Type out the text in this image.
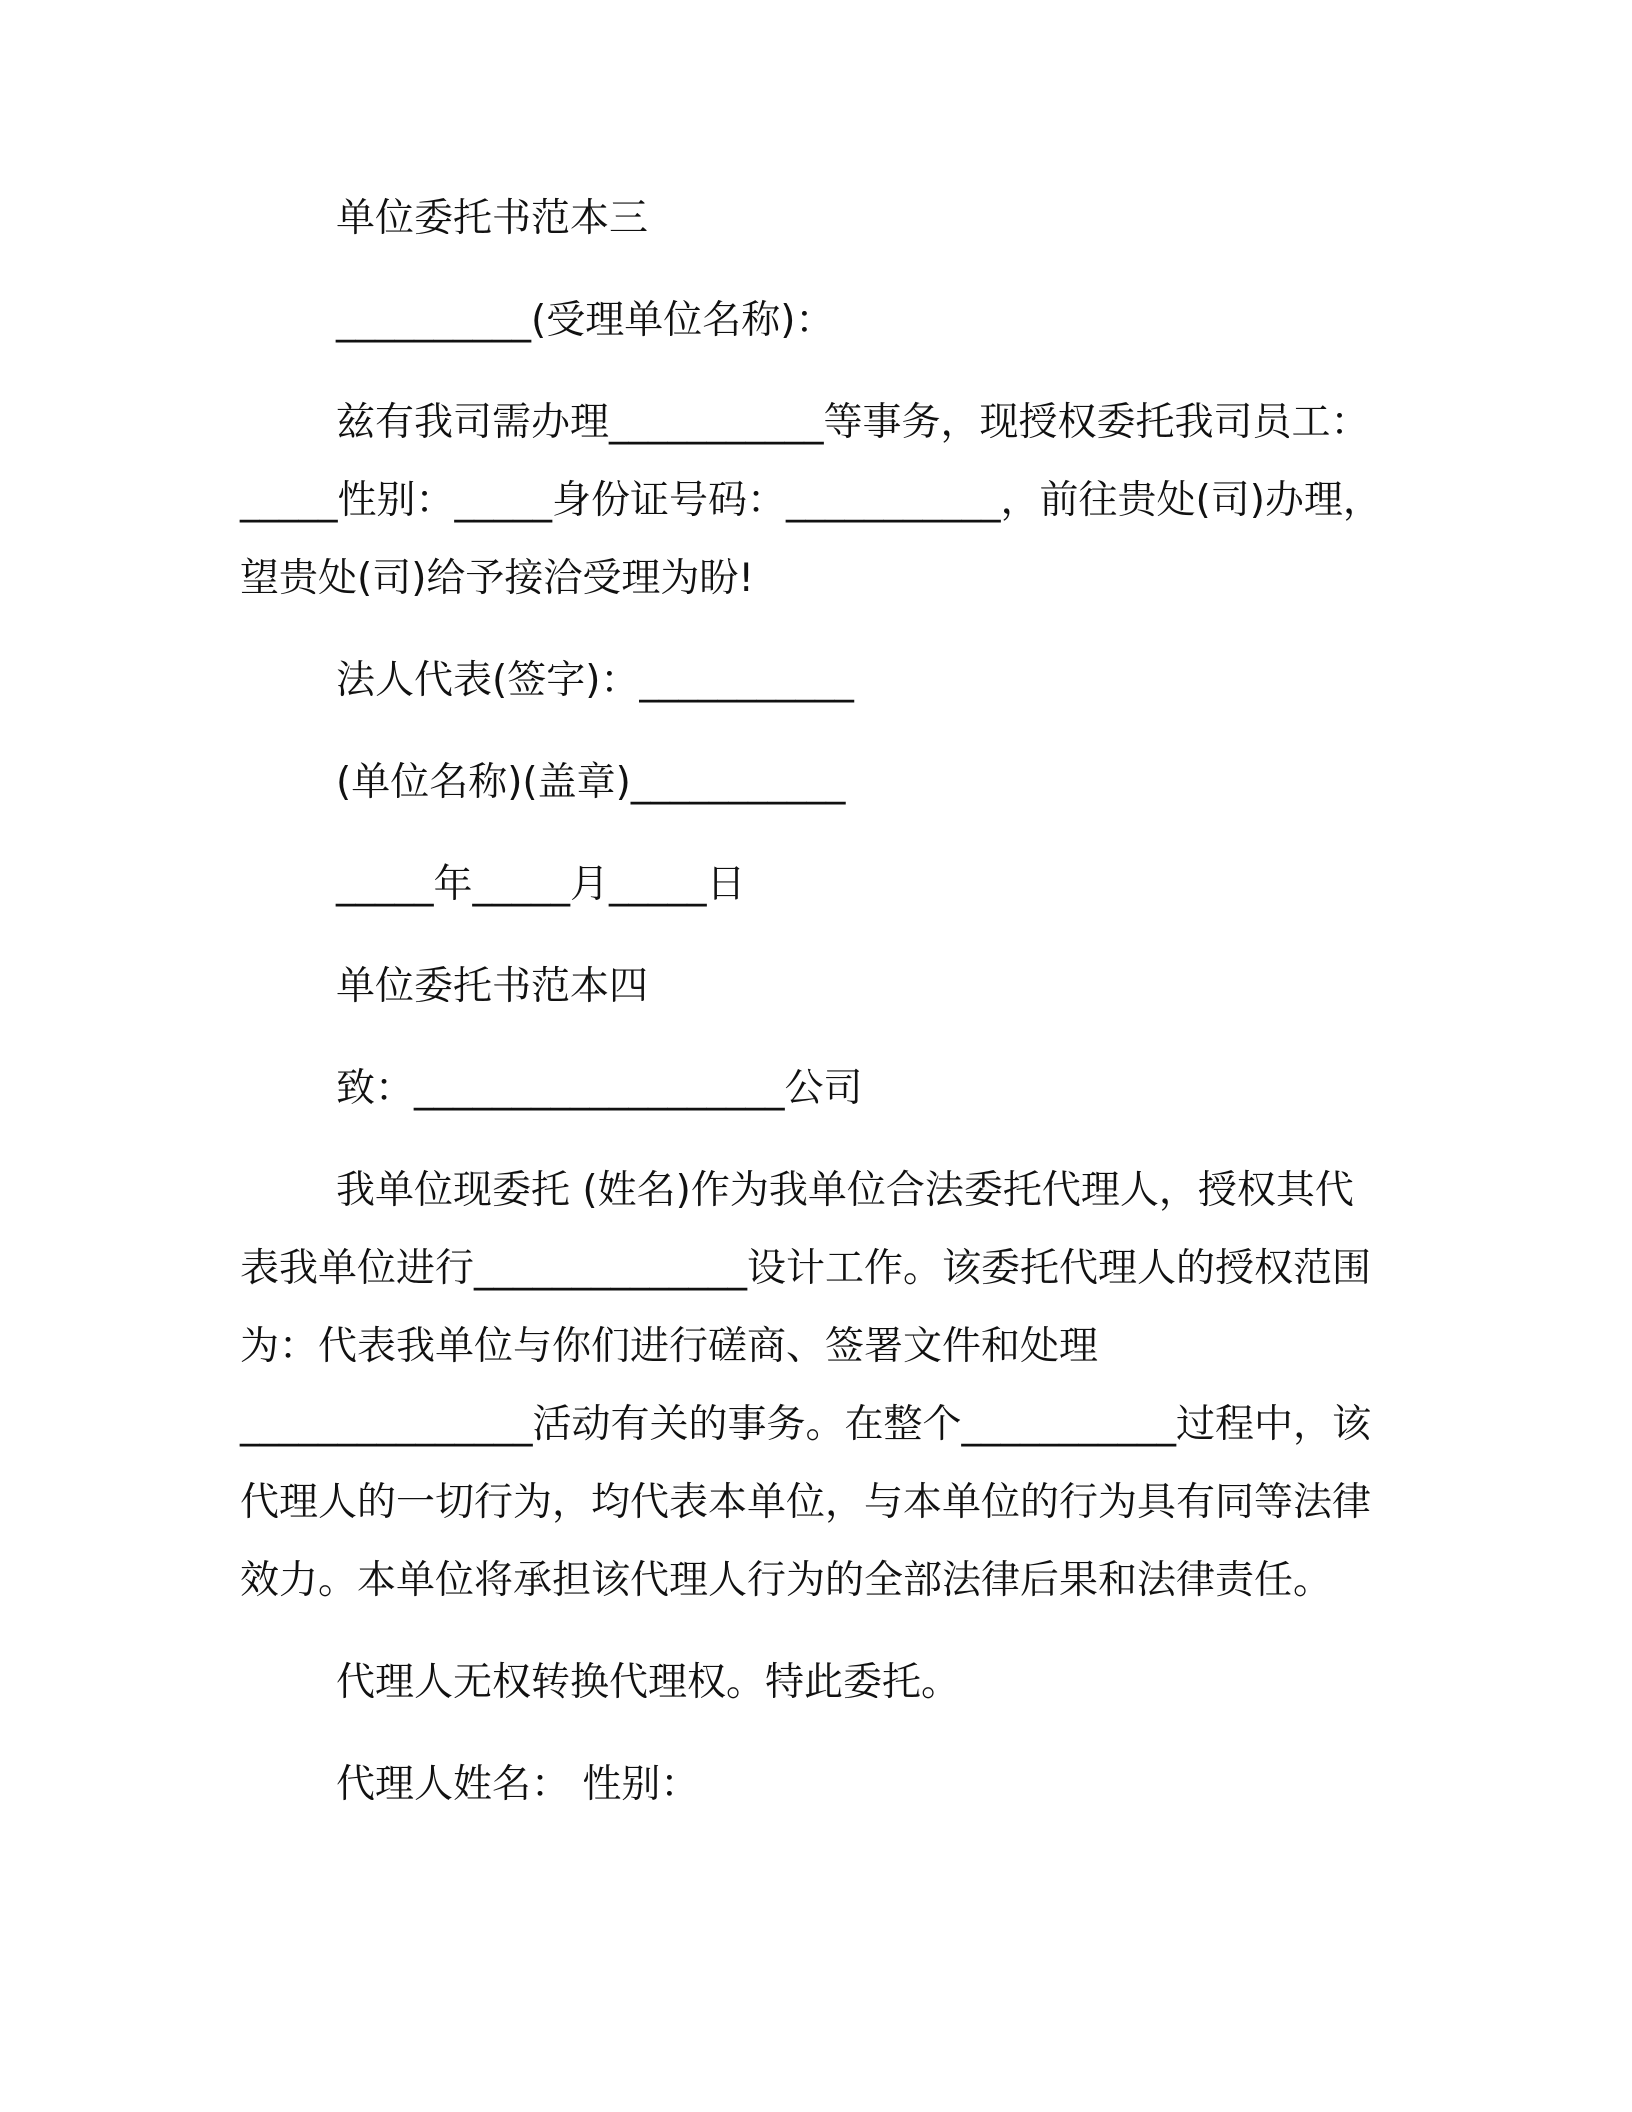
单位委托书范本三

__________(受理单位名称)：

兹有我司需办理___________等事务，现授权委托我司员工：_____性别：_____身份证号码：___________，前往贵处(司)办理，望贵处(司)给予接洽受理为盼!

法人代表(签字)：___________

(单位名称)(盖章)___________

_____年_____月_____日

单位委托书范本四

致：___________________公司

我单位现委托 (姓名)作为我单位合法委托代理人，授权其代表我单位进行______________设计工作。该委托代理人的授权范围为：代表我单位与你们进行磋商、签署文件和处理_______________活动有关的事务。在整个___________过程中，该代理人的一切行为，均代表本单位，与本单位的行为具有同等法律效力。本单位将承担该代理人行为的全部法律后果和法律责任。

代理人无权转换代理权。特此委托。

代理人姓名： 性别：
